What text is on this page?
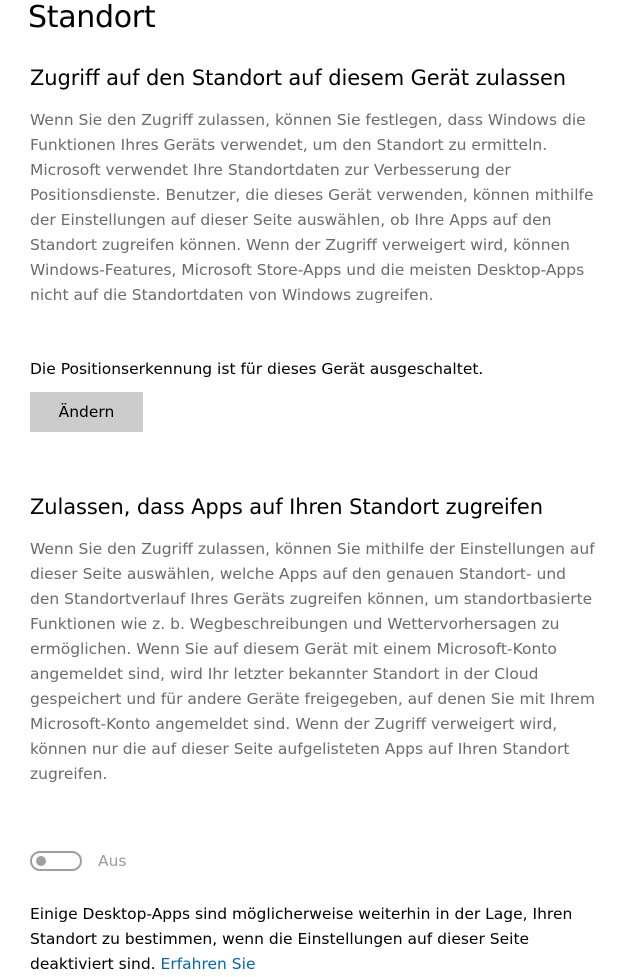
Standort
Zugriff auf den Standort auf diesem Gerät zulassen
Wenn Sie den Zugriff zulassen, können Sie festlegen, dass Windows die Funktionen Ihres Geräts verwendet, um den Standort zu ermitteln. Microsoft verwendet Ihre Standortdaten zur Verbesserung der Positionsdienste. Benutzer, die dieses Gerät verwenden, können mithilfe der Einstellungen auf dieser Seite auswählen, ob Ihre Apps auf den Standort zugreifen können. Wenn der Zugriff verweigert wird, können Windows-Features, Microsoft Store-Apps und die meisten Desktop-Apps nicht auf die Standortdaten von Windows zugreifen.
Die Positionserkennung ist für dieses Gerät ausgeschaltet.
Ändern
Zulassen, dass Apps auf Ihren Standort zugreifen
Wenn Sie den Zugriff zulassen, können Sie mithilfe der Einstellungen auf dieser Seite auswählen, welche Apps auf den genauen Standort- und den Standortverlauf Ihres Geräts zugreifen können, um standortbasierte Funktionen wie z. b. Wegbeschreibungen und Wettervorhersagen zu ermöglichen. Wenn Sie auf diesem Gerät mit einem Microsoft-Konto angemeldet sind, wird Ihr letzter bekannter Standort in der Cloud gespeichert und für andere Geräte freigegeben, auf denen Sie mit Ihrem Microsoft-Konto angemeldet sind. Wenn der Zugriff verweigert wird, können nur die auf dieser Seite aufgelisteten Apps auf Ihren Standort zugreifen.
Aus
Einige Desktop-Apps sind möglicherweise weiterhin in der Lage, Ihren Standort zu bestimmen, wenn die Einstellungen auf dieser Seite deaktiviert sind. Erfahren Sie
